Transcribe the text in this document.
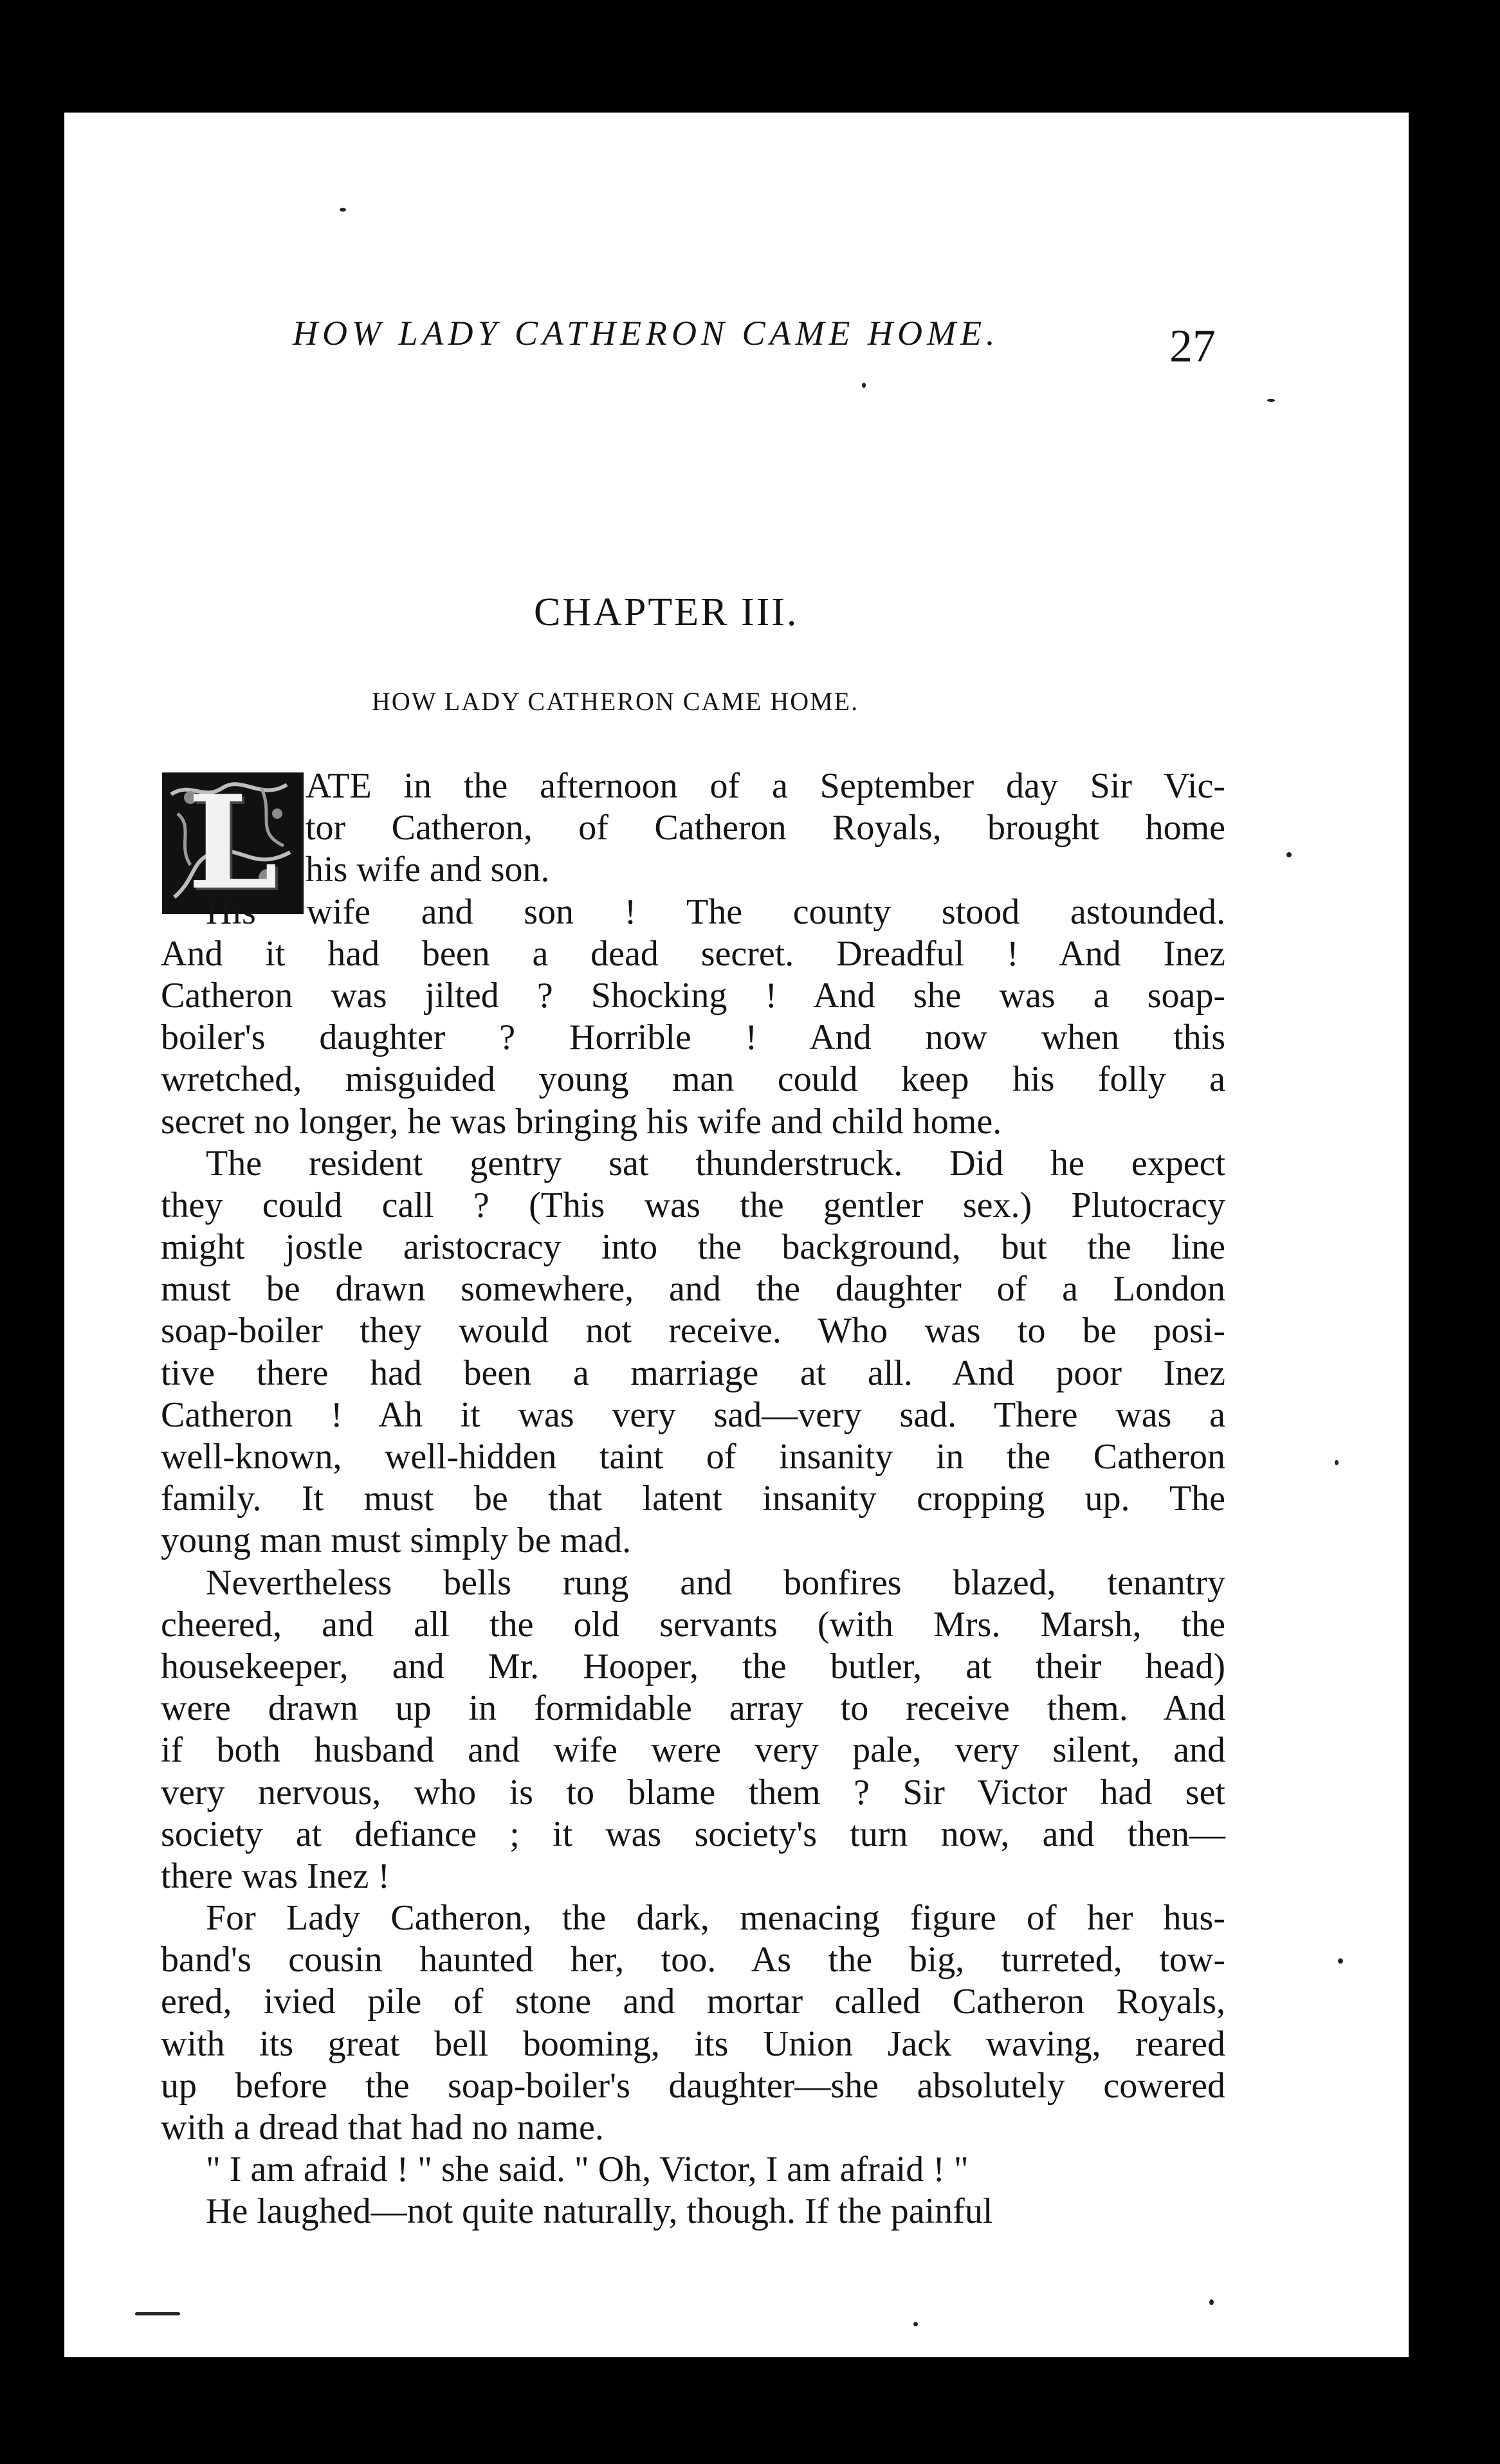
HOW LADY CATHERON CAME HOME.	27
CHAPTER III.
HOW LADY CATHERON CAME HOME.
L ATE in the afternoon of a September day Sir Vic-
tor Catheron, of Catheron Royals, brought home
his wife and son.
His wife and son ! The county stood astounded.
And it had been a dead secret. Dreadful ! And Inez
Catheron was jilted ? Shocking ! And she was a soap-
boiler's daughter ? Horrible ! And now when this
wretched, misguided young man could keep his folly a
secret no longer, he was bringing his wife and child home.
The resident gentry sat thunderstruck. Did he expect
they could call ? (This was the gentler sex.) Plutocracy
might jostle aristocracy into the background, but the line
must be drawn somewhere, and the daughter of a London
soap-boiler they would not receive. Who was to be posi-
tive there had been a marriage at all. And poor Inez
Catheron ! Ah it was very sad—very sad. There was a
well-known, well-hidden taint of insanity in the Catheron
family. It must be that latent insanity cropping up. The
young man must simply be mad.
Nevertheless bells rung and bonfires blazed, tenantry
cheered, and all the old servants (with Mrs. Marsh, the
housekeeper, and Mr. Hooper, the butler, at their head)
were drawn up in formidable array to receive them. And
if both husband and wife were very pale, very silent, and
very nervous, who is to blame them ? Sir Victor had set
society at defiance ; it was society's turn now, and then—
there was Inez !
For Lady Catheron, the dark, menacing figure of her hus-
band's cousin haunted her, too. As the big, turreted, tow-
ered, ivied pile of stone and mortar called Catheron Royals,
with its great bell booming, its Union Jack waving, reared
up before the soap-boiler's daughter—she absolutely cowered
with a dread that had no name.
" I am afraid ! " she said. " Oh, Victor, I am afraid ! "
He laughed—not quite naturally, though. If the painful
